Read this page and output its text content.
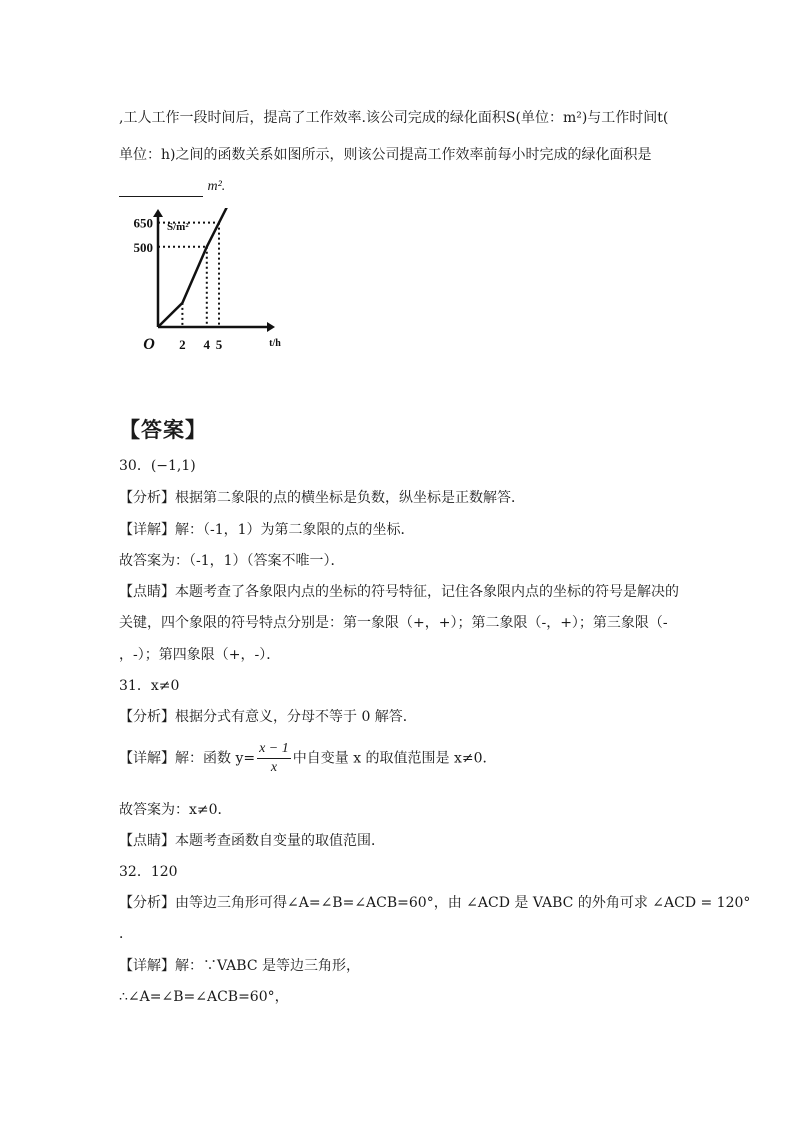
,工人工作一段时间后，提高了工作效率.该公司完成的绿化面积S(单位：m²)与工作时间t(
单位：h)之间的函数关系如图所示，则该公司提高工作效率前每小时完成的绿化面积是
m².
2 4 5
650
500
O	t/h
S/m²
【答案】
30．(−1,1)
【分析】根据第二象限的点的横坐标是负数，纵坐标是正数解答．
【详解】解：（-1，1）为第二象限的点的坐标．
故答案为：（-1，1）（答案不唯一）．
【点睛】本题考查了各象限内点的坐标的符号特征，记住各象限内点的坐标的符号是解决的
关键，四个象限的符号特点分别是：第一象限（+，+）；第二象限（-，+）；第三象限（-
，-）；第四象限（+，-）．
31．x≠0
【分析】根据分式有意义，分母不等于 0 解答．
【详解】解：函数 $y= \frac{x - 1}{x}$ 中自变量 x 的取值范围是 x≠0．
故答案为：x≠0．
【点睛】本题考查函数自变量的取值范围．
32．120
【分析】由等边三角形可得∠A=∠B=∠ACB=60°，由 ∠ACD 是 VABC 的外角可求 ∠ACD = 120°
．
【详解】解：∵VABC 是等边三角形，
∴∠A=∠B=∠ACB=60°，
